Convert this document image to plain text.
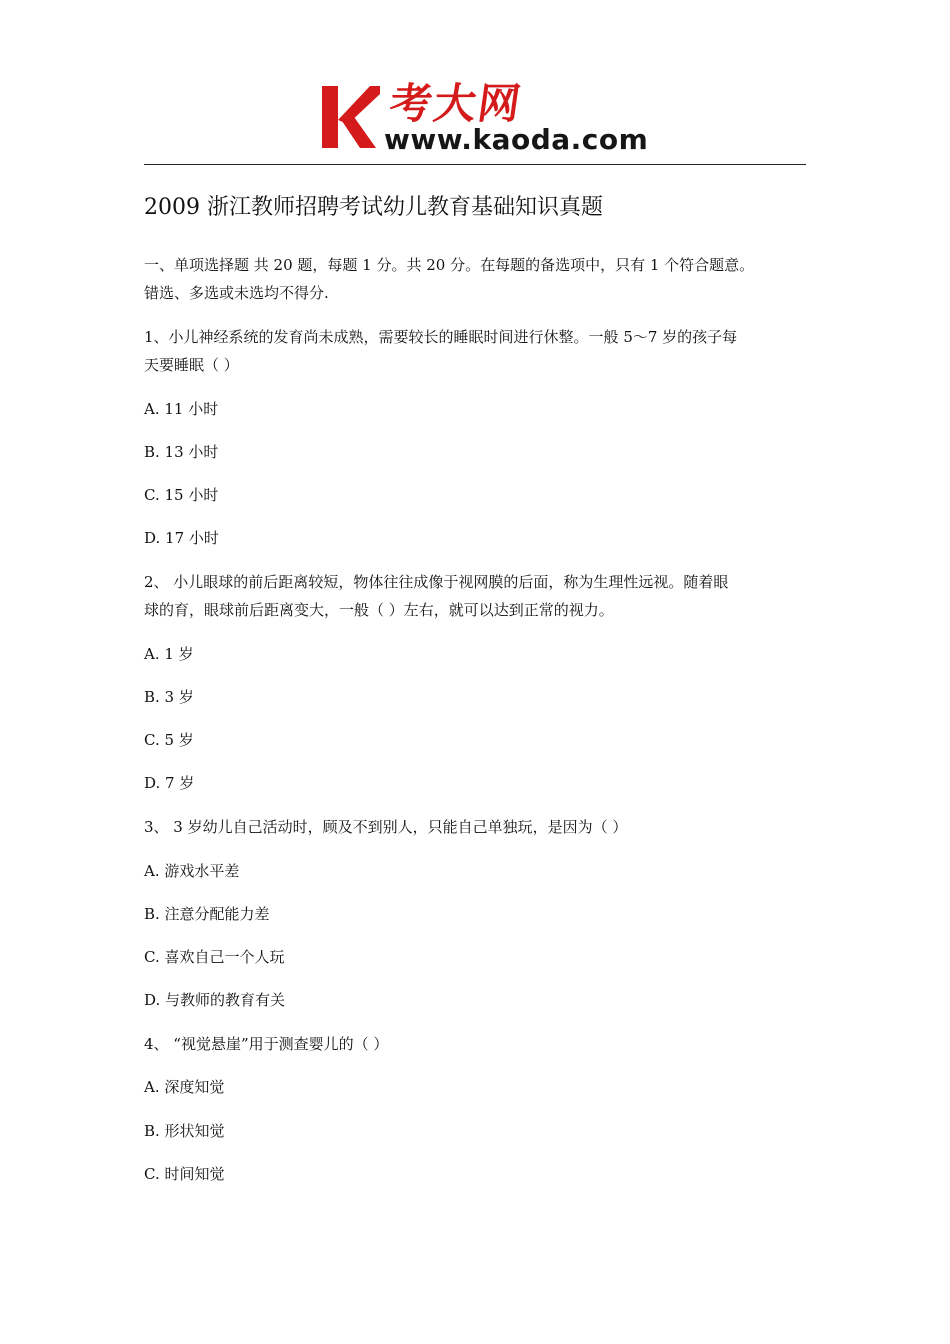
考大网
www.kaoda.com
2009 浙江教师招聘考试幼儿教育基础知识真题
一、单项选择题 共 20 题，每题 1 分。共 20 分。在每题的备选项中，只有 1 个符合题意。
错选、多选或未选均不得分.
1、小儿神经系统的发育尚未成熟，需要较长的睡眠时间进行休整。一般 5～7 岁的孩子每
天要睡眠（ ）
A. 11 小时
B. 13 小时
C. 15 小时
D. 17 小时
2、 小儿眼球的前后距离较短，物体往往成像于视网膜的后面，称为生理性远视。随着眼
球的育，眼球前后距离变大，一般（ ）左右，就可以达到正常的视力。
A. 1 岁
B. 3 岁
C. 5 岁
D. 7 岁
3、 3 岁幼儿自己活动时，顾及不到别人，只能自己单独玩，是因为（ ）
A. 游戏水平差
B. 注意分配能力差
C. 喜欢自己一个人玩
D. 与教师的教育有关
4、 “视觉悬崖”用于测查婴儿的（ ）
A. 深度知觉
B. 形状知觉
C. 时间知觉
